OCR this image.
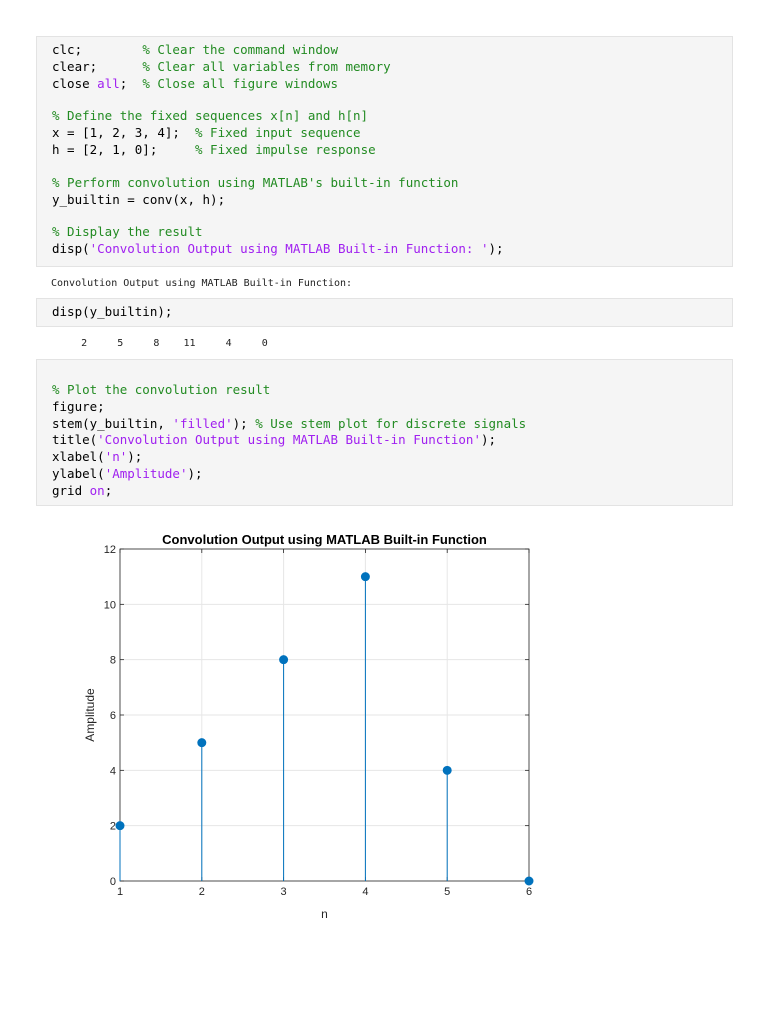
clc;        % Clear the command window
clear;      % Clear all variables from memory
close all;  % Close all figure windows
% Define the fixed sequences x[n] and h[n]
x = [1, 2, 3, 4];  % Fixed input sequence
h = [2, 1, 0];     % Fixed impulse response
% Perform convolution using MATLAB's built-in function
y_builtin = conv(x, h);
% Display the result
disp('Convolution Output using MATLAB Built-in Function: ');
Convolution Output using MATLAB Built-in Function:
disp(y_builtin);
2     5     8    11     4     0
% Plot the convolution result
figure;
stem(y_builtin, 'filled'); % Use stem plot for discrete signals
title('Convolution Output using MATLAB Built-in Function');
xlabel('n');
ylabel('Amplitude');
grid on;
1	2	3	4	5	6
0
2
4
6
8
10
12
Convolution Output using MATLAB Built-in Function
n
Amplitude
